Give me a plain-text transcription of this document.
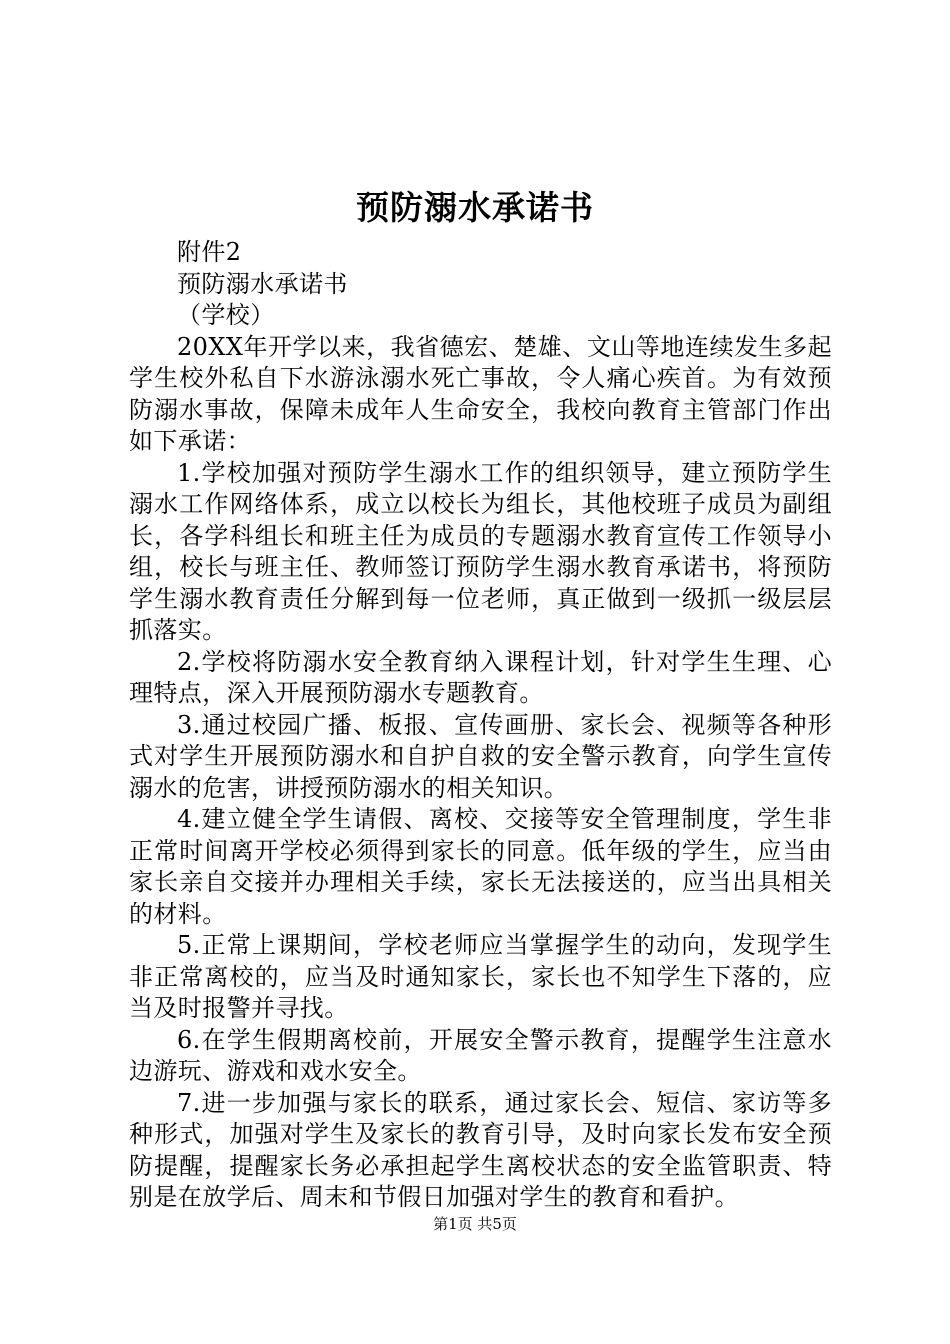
预防溺水承诺书

附件2

预防溺水承诺书

（学校）

20XX年开学以来，我省德宏、楚雄、文山等地连续发生多起学生校外私自下水游泳溺水死亡事故，令人痛心疾首。为有效预防溺水事故，保障未成年人生命安全，我校向教育主管部门作出如下承诺：

1.学校加强对预防学生溺水工作的组织领导，建立预防学生溺水工作网络体系，成立以校长为组长，其他校班子成员为副组长，各学科组长和班主任为成员的专题溺水教育宣传工作领导小组，校长与班主任、教师签订预防学生溺水教育承诺书，将预防学生溺水教育责任分解到每一位老师，真正做到一级抓一级层层抓落实。

2.学校将防溺水安全教育纳入课程计划，针对学生生理、心理特点，深入开展预防溺水专题教育。

3.通过校园广播、板报、宣传画册、家长会、视频等各种形式对学生开展预防溺水和自护自救的安全警示教育，向学生宣传溺水的危害，讲授预防溺水的相关知识。

4.建立健全学生请假、离校、交接等安全管理制度，学生非正常时间离开学校必须得到家长的同意。低年级的学生，应当由家长亲自交接并办理相关手续，家长无法接送的，应当出具相关的材料。

5.正常上课期间，学校老师应当掌握学生的动向，发现学生非正常离校的，应当及时通知家长，家长也不知学生下落的，应当及时报警并寻找。

6.在学生假期离校前，开展安全警示教育，提醒学生注意水边游玩、游戏和戏水安全。

7.进一步加强与家长的联系，通过家长会、短信、家访等多种形式，加强对学生及家长的教育引导，及时向家长发布安全预防提醒，提醒家长务必承担起学生离校状态的安全监管职责、特别是在放学后、周末和节假日加强对学生的教育和看护。

第1页 共5页
